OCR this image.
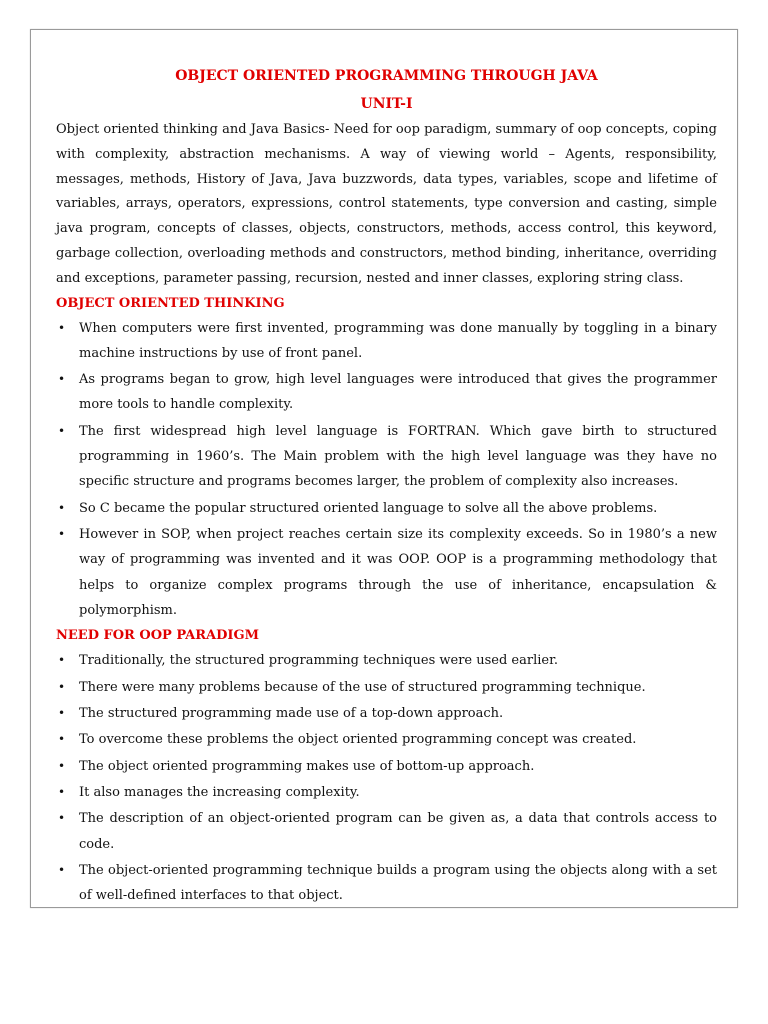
OBJECT ORIENTED PROGRAMMING THROUGH JAVA
UNIT-I

Object oriented thinking and Java Basics- Need for oop paradigm, summary of oop concepts, coping with complexity, abstraction mechanisms. A way of viewing world – Agents, responsibility, messages, methods, History of Java, Java buzzwords, data types, variables, scope and lifetime of variables, arrays, operators, expressions, control statements, type conversion and casting, simple java program, concepts of classes, objects, constructors, methods, access control, this keyword, garbage collection, overloading methods and constructors, method binding, inheritance, overriding and exceptions, parameter passing, recursion, nested and inner classes, exploring string class.

OBJECT ORIENTED THINKING
• When computers were first invented, programming was done manually by toggling in a binary machine instructions by use of front panel.
• As programs began to grow, high level languages were introduced that gives the programmer more tools to handle complexity.
• The first widespread high level language is FORTRAN. Which gave birth to structured programming in 1960’s. The Main problem with the high level language was they have no specific structure and programs becomes larger, the problem of complexity also increases.
• So C became the popular structured oriented language to solve all the above problems.
• However in SOP, when project reaches certain size its complexity exceeds. So in 1980’s a new way of programming was invented and it was OOP. OOP is a programming methodology that helps to organize complex programs through the use of inheritance, encapsulation & polymorphism.
NEED FOR OOP PARADIGM
• Traditionally, the structured programming techniques were used earlier.
• There were many problems because of the use of structured programming technique.
• The structured programming made use of a top-down approach.
• To overcome these problems the object oriented programming concept was created.
• The object oriented programming makes use of bottom-up approach.
• It also manages the increasing complexity.
• The description of an object-oriented program can be given as, a data that controls access to code.
• The object-oriented programming technique builds a program using the objects along with a set of well-defined interfaces to that object.
